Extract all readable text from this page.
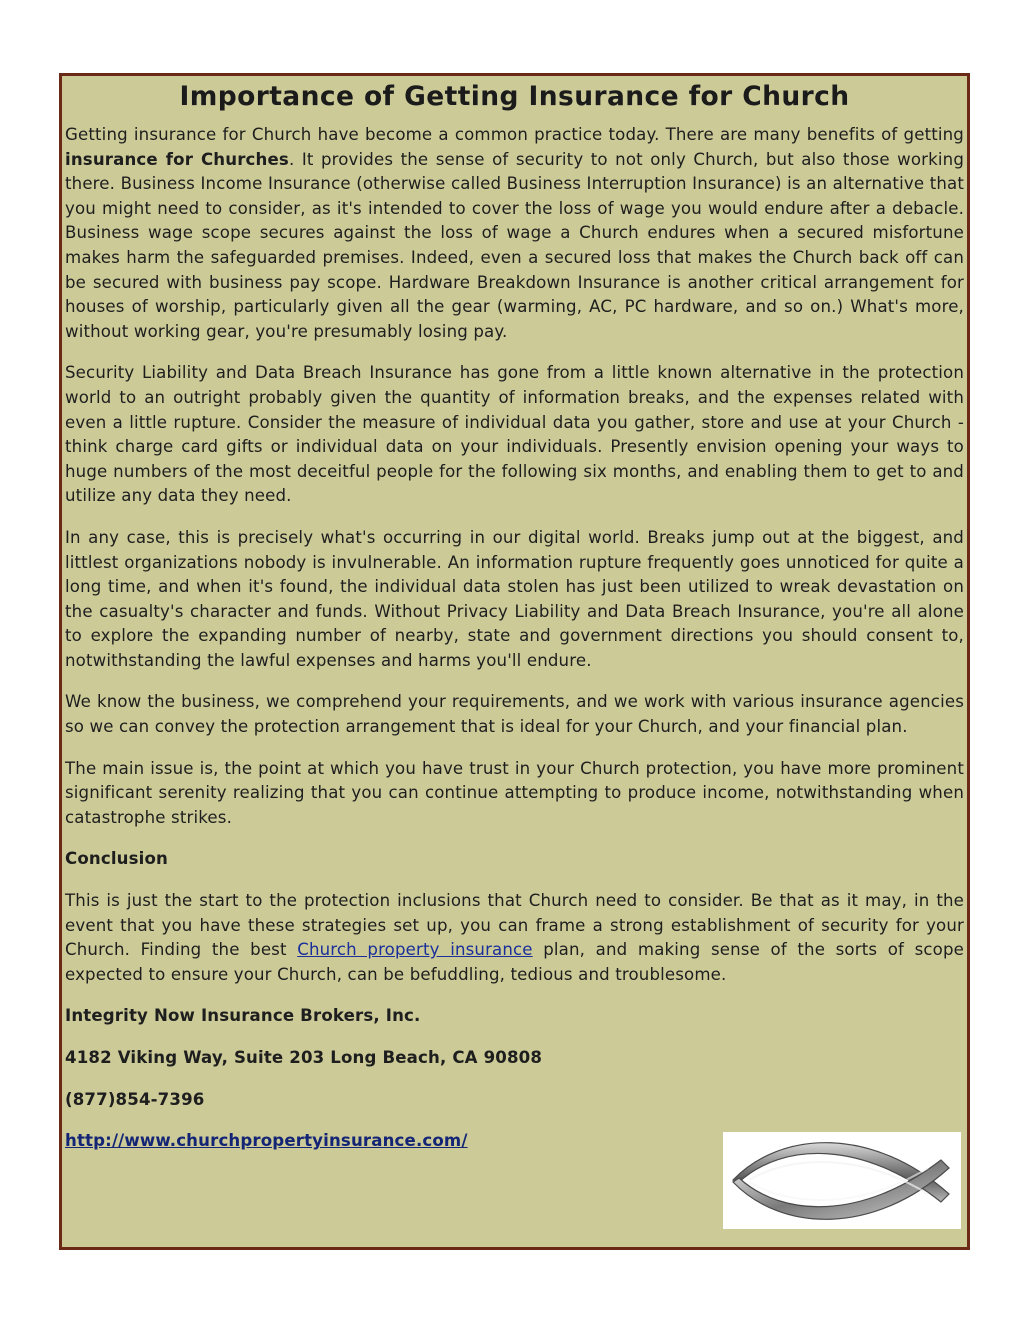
Importance of Getting Insurance for Church

Getting insurance for Church have become a common practice today. There are many benefits of getting insurance for Churches. It provides the sense of security to not only Church, but also those working there. Business Income Insurance (otherwise called Business Interruption Insurance) is an alternative that you might need to consider, as it's intended to cover the loss of wage you would endure after a debacle. Business wage scope secures against the loss of wage a Church endures when a secured misfortune makes harm the safeguarded premises. Indeed, even a secured loss that makes the Church back off can be secured with business pay scope. Hardware Breakdown Insurance is another critical arrangement for houses of worship, particularly given all the gear (warming, AC, PC hardware, and so on.) What's more, without working gear, you're presumably losing pay.

Security Liability and Data Breach Insurance has gone from a little known alternative in the protection world to an outright probably given the quantity of information breaks, and the expenses related with even a little rupture. Consider the measure of individual data you gather, store and use at your Church - think charge card gifts or individual data on your individuals. Presently envision opening your ways to huge numbers of the most deceitful people for the following six months, and enabling them to get to and utilize any data they need.

In any case, this is precisely what's occurring in our digital world. Breaks jump out at the biggest, and littlest organizations nobody is invulnerable. An information rupture frequently goes unnoticed for quite a long time, and when it's found, the individual data stolen has just been utilized to wreak devastation on the casualty's character and funds. Without Privacy Liability and Data Breach Insurance, you're all alone to explore the expanding number of nearby, state and government directions you should consent to, notwithstanding the lawful expenses and harms you'll endure.

We know the business, we comprehend your requirements, and we work with various insurance agencies so we can convey the protection arrangement that is ideal for your Church, and your financial plan.

The main issue is, the point at which you have trust in your Church protection, you have more prominent significant serenity realizing that you can continue attempting to produce income, notwithstanding when catastrophe strikes.

Conclusion

This is just the start to the protection inclusions that Church need to consider. Be that as it may, in the event that you have these strategies set up, you can frame a strong establishment of security for your Church. Finding the best Church property insurance plan, and making sense of the sorts of scope expected to ensure your Church, can be befuddling, tedious and troublesome.

Integrity Now Insurance Brokers, Inc.

4182 Viking Way, Suite 203 Long Beach, CA 90808

(877)854-7396

http://www.churchpropertyinsurance.com/
